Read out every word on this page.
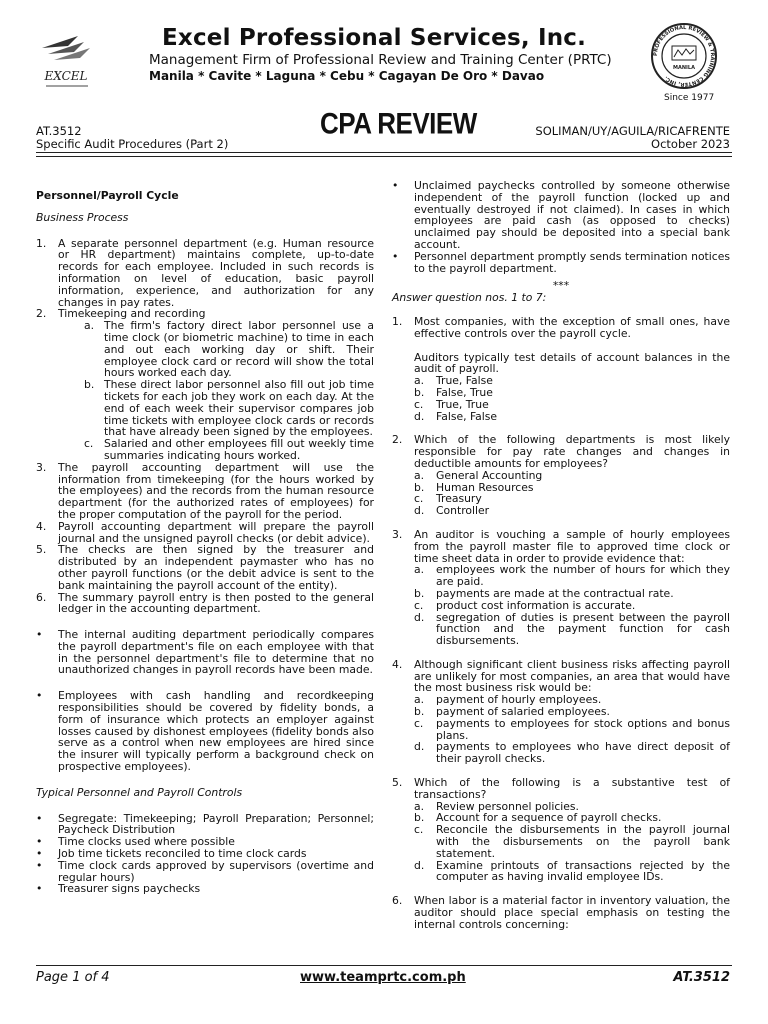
EXCEL
Excel Professional Services, Inc.
Management Firm of Professional Review and Training Center (PRTC)
Manila * Cavite * Laguna * Cebu * Cagayan De Oro * Davao
PROFESSIONAL REVIEW & TRAINING CENTER, INC.
MANILA
Since 1977
AT.3512
Specific Audit Procedures (Part 2)
CPA REVIEW	SOLIMAN/UY/AGUILA/RICAFRENTE
October 2023
Personnel/Payroll Cycle
Business Process
1.	A separate personnel department (e.g. Human resource or HR department) maintains complete, up-to-date records for each employee. Included in such records is information on level of education, basic payroll information, experience, and authorization for any changes in pay rates.
2.	Timekeeping and recording
a. The firm's factory direct labor personnel use a time clock (or biometric machine) to time in each and out each working day or shift. Their employee clock card or record will show the total hours worked each day.
b. These direct labor personnel also fill out job time tickets for each job they work on each day. At the end of each week their supervisor compares job time tickets with employee clock cards or records that have already been signed by the employees.
c. Salaried and other employees fill out weekly time summaries indicating hours worked.
3.	The payroll accounting department will use the information from timekeeping (for the hours worked by the employees) and the records from the human resource department (for the authorized rates of employees) for the proper computation of the payroll for the period.
4.	Payroll accounting department will prepare the payroll journal and the unsigned payroll checks (or debit advice).
5.	The checks are then signed by the treasurer and distributed by an independent paymaster who has no other payroll functions (or the debit advice is sent to the bank maintaining the payroll account of the entity).
6.	The summary payroll entry is then posted to the general ledger in the accounting department.
•	The internal auditing department periodically compares the payroll department's file on each employee with that in the personnel department's file to determine that no unauthorized changes in payroll records have been made.
•	Employees with cash handling and recordkeeping responsibilities should be covered by fidelity bonds, a form of insurance which protects an employer against losses caused by dishonest employees (fidelity bonds also serve as a control when new employees are hired since the insurer will typically perform a background check on prospective employees).
Typical Personnel and Payroll Controls
•	Segregate: Timekeeping; Payroll Preparation; Personnel; Paycheck Distribution
•	Time clocks used where possible
•	Job time tickets reconciled to time clock cards
•	Time clock cards approved by supervisors (overtime and regular hours)
•	Treasurer signs paychecks
•	Unclaimed paychecks controlled by someone otherwise independent of the payroll function (locked up and eventually destroyed if not claimed). In cases in which employees are paid cash (as opposed to checks) unclaimed pay should be deposited into a special bank account.
•	Personnel department promptly sends termination notices to the payroll department.
***
Answer question nos. 1 to 7:
1.	Most companies, with the exception of small ones, have effective controls over the payroll cycle.
Auditors typically test details of account balances in the audit of payroll.
a.	True, False
b.	False, True
c.	True, True
d.	False, False
2.	Which of the following departments is most likely responsible for pay rate changes and changes in deductible amounts for employees?
a.	General Accounting
b.	Human Resources
c.	Treasury
d.	Controller
3.	An auditor is vouching a sample of hourly employees from the payroll master file to approved time clock or time sheet data in order to provide evidence that:
a.	employees work the number of hours for which they are paid.
b.	payments are made at the contractual rate.
c.	product cost information is accurate.
d.	segregation of duties is present between the payroll function and the payment function for cash disbursements.
4.	Although significant client business risks affecting payroll are unlikely for most companies, an area that would have the most business risk would be:
a.	payment of hourly employees.
b.	payment of salaried employees.
c.	payments to employees for stock options and bonus plans.
d.	payments to employees who have direct deposit of their payroll checks.
5.	Which of the following is a substantive test of transactions?
a.	Review personnel policies.
b.	Account for a sequence of payroll checks.
c.	Reconcile the disbursements in the payroll journal with the disbursements on the payroll bank statement.
d.	Examine printouts of transactions rejected by the computer as having invalid employee IDs.
6.	When labor is a material factor in inventory valuation, the auditor should place special emphasis on testing the internal controls concerning:
Page 1 of 4	www.teamprtc.com.ph	AT.3512
